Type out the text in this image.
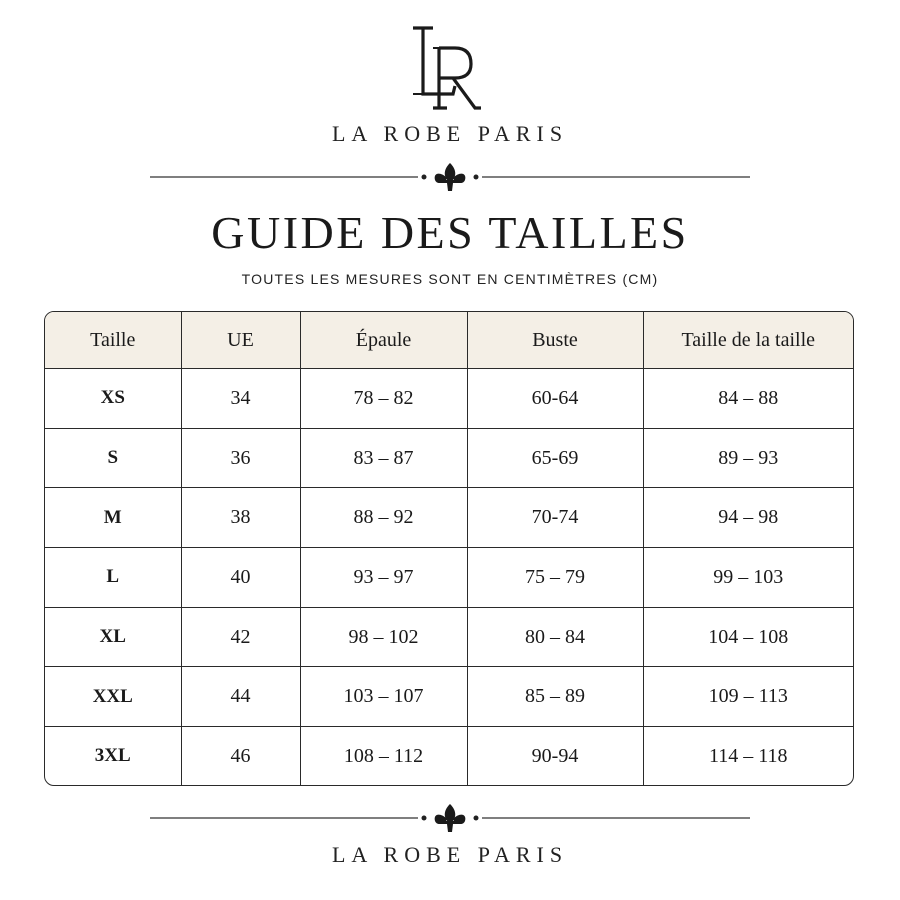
LA ROBE PARIS
GUIDE DES TAILLES
TOUTES LES MESURES SONT EN CENTIMÈTRES (CM)
Taille	UE	Épaule	Buste	Taille de la taille
XS	34	78 – 82	60-64	84 – 88
S	36	83 – 87	65-69	89 – 93
M	38	88 – 92	70-74	94 – 98
L	40	93 – 97	75 – 79	99 – 103
XL	42	98 – 102	80 – 84	104 – 108
XXL	44	103 – 107	85 – 89	109 – 113
3XL	46	108 – 112	90-94	114 – 118
LA ROBE PARIS
